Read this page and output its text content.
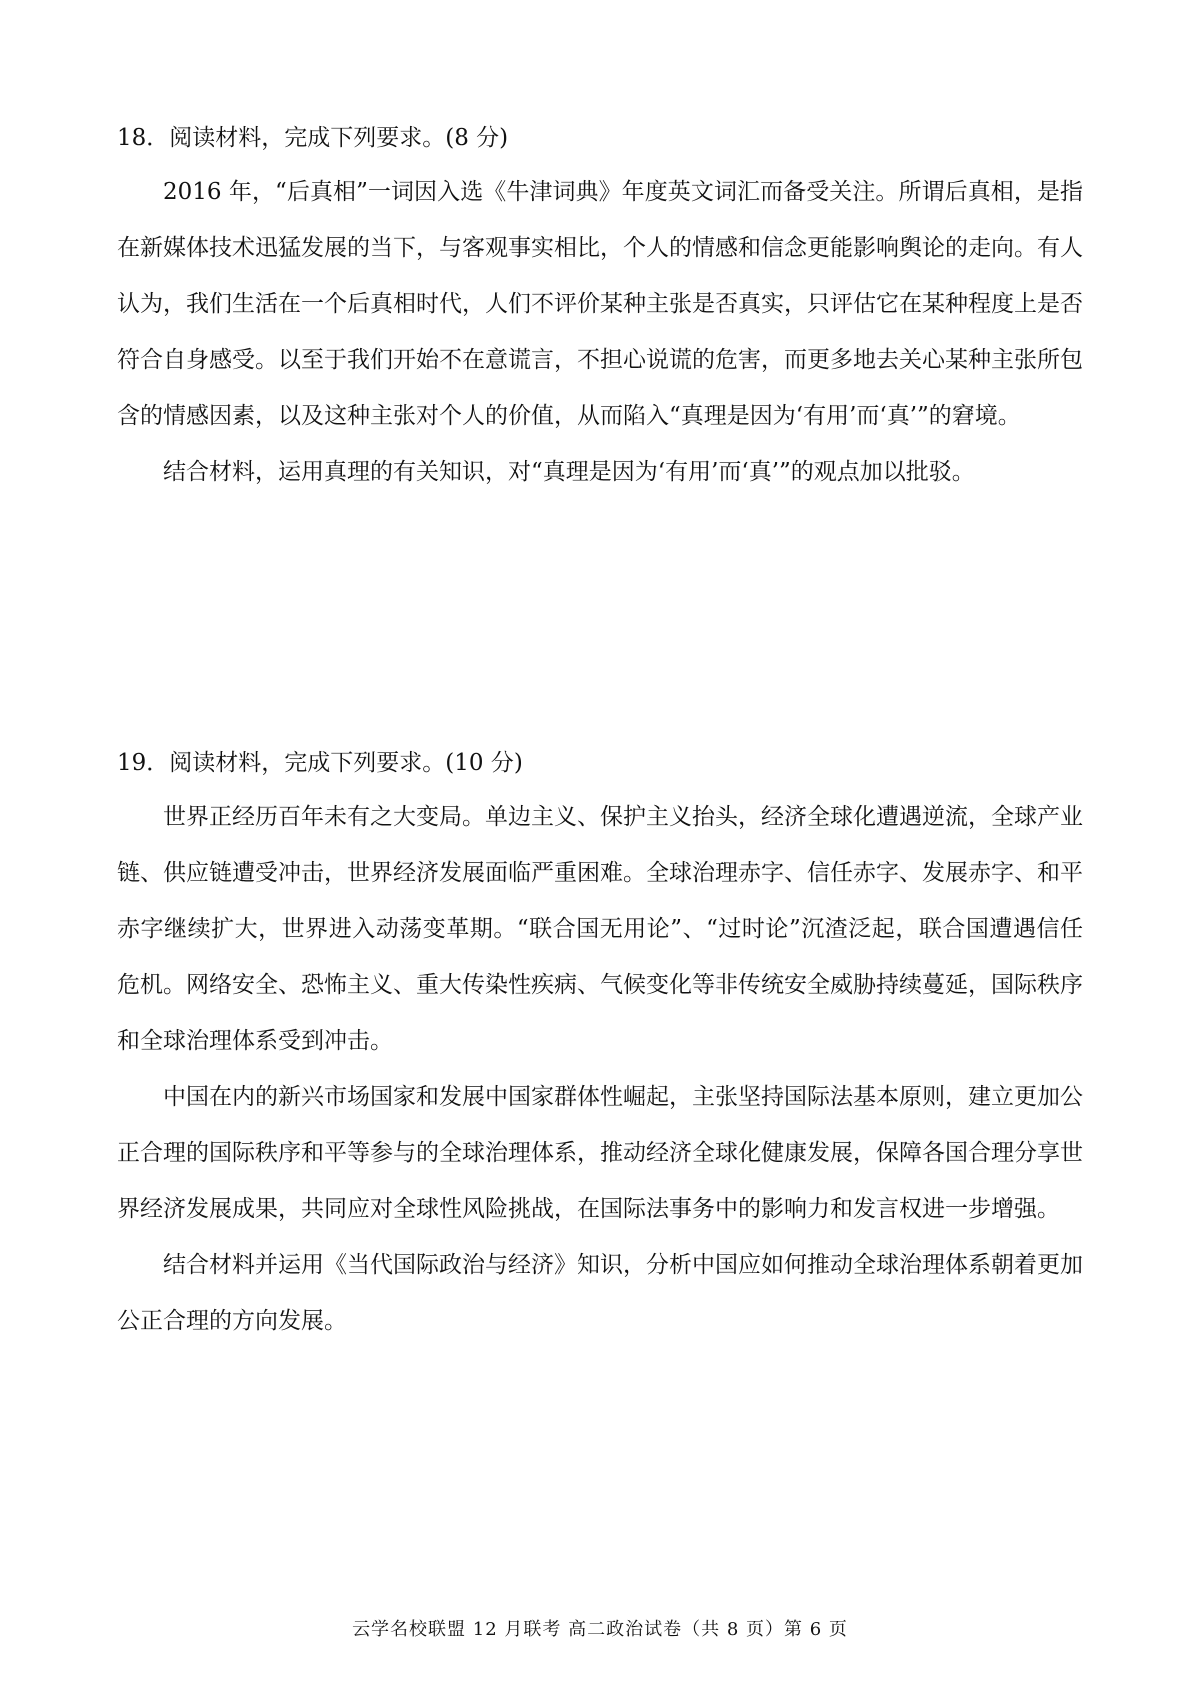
18．阅读材料，完成下列要求。(8 分)

2016 年，“后真相”一词因入选《牛津词典》年度英文词汇而备受关注。所谓后真相，是指在新媒体技术迅猛发展的当下，与客观事实相比，个人的情感和信念更能影响舆论的走向。有人认为，我们生活在一个后真相时代，人们不评价某种主张是否真实，只评估它在某种程度上是否符合自身感受。以至于我们开始不在意谎言，不担心说谎的危害，而更多地去关心某种主张所包含的情感因素，以及这种主张对个人的价值，从而陷入“真理是因为‘有用’而‘真’”的窘境。

结合材料，运用真理的有关知识，对“真理是因为‘有用’而‘真’”的观点加以批驳。

19．阅读材料，完成下列要求。(10 分)

世界正经历百年未有之大变局。单边主义、保护主义抬头，经济全球化遭遇逆流，全球产业链、供应链遭受冲击，世界经济发展面临严重困难。全球治理赤字、信任赤字、发展赤字、和平赤字继续扩大，世界进入动荡变革期。“联合国无用论”、“过时论”沉渣泛起，联合国遭遇信任危机。网络安全、恐怖主义、重大传染性疾病、气候变化等非传统安全威胁持续蔓延，国际秩序和全球治理体系受到冲击。

中国在内的新兴市场国家和发展中国家群体性崛起，主张坚持国际法基本原则，建立更加公正合理的国际秩序和平等参与的全球治理体系，推动经济全球化健康发展，保障各国合理分享世界经济发展成果，共同应对全球性风险挑战，在国际法事务中的影响力和发言权进一步增强。

结合材料并运用《当代国际政治与经济》知识，分析中国应如何推动全球治理体系朝着更加公正合理的方向发展。

云学名校联盟 12 月联考 高二政治试卷（共 8 页）第 6 页
